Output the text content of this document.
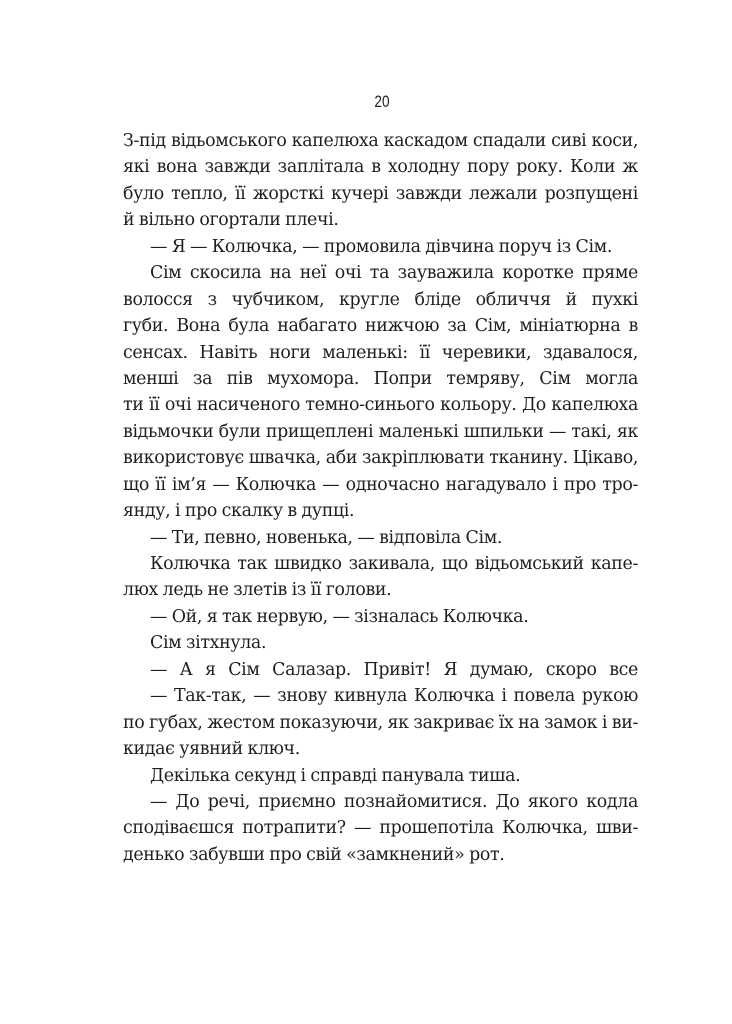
20
З-під відьомського капелюха каскадом спадали сиві коси,
які вона завжди заплітала в холодну пору року. Коли ж
було тепло, її жорсткі кучері завжди лежали розпущені
й вільно огортали плечі.
— Я — Колючка, — промовила дівчина поруч із Сім.
Сім скосила на неї очі та зауважила коротке пряме
волосся з чубчиком, кругле бліде обличчя й пухкі
губи. Вона була набагато нижчою за Сім, мініатюрна в
сенсах. Навіть ноги маленькі: її черевики, здавалося,
менші за пів мухомора. Попри темряву, Сім могла
ти її очі насиченого темно-синього кольору. До капелюха
відьмочки були прищеплені маленькі шпильки — такі, як
використовує швачка, аби закріплювати тканину. Цікаво,
що її ім’я — Колючка — одночасно нагадувало і про тро-
янду, і про скалку в дупці.
— Ти, певно, новенька, — відповіла Сім.
Колючка так швидко закивала, що відьомський капе-
люх ледь не злетів із її голови.
— Ой, я так нервую, — зізналась Колючка.
Сім зітхнула.
— А я Сім Салазар. Привіт! Я думаю, скоро все
— Так-так, — знову кивнула Колючка і повела рукою
по губах, жестом показуючи, як закриває їх на замок і ви-
кидає уявний ключ.
Декілька секунд і справді панувала тиша.
— До речі, приємно познайомитися. До якого кодла
сподіваєшся потрапити? — прошепотіла Колючка, шви-
денько забувши про свій «замкнений» рот.
